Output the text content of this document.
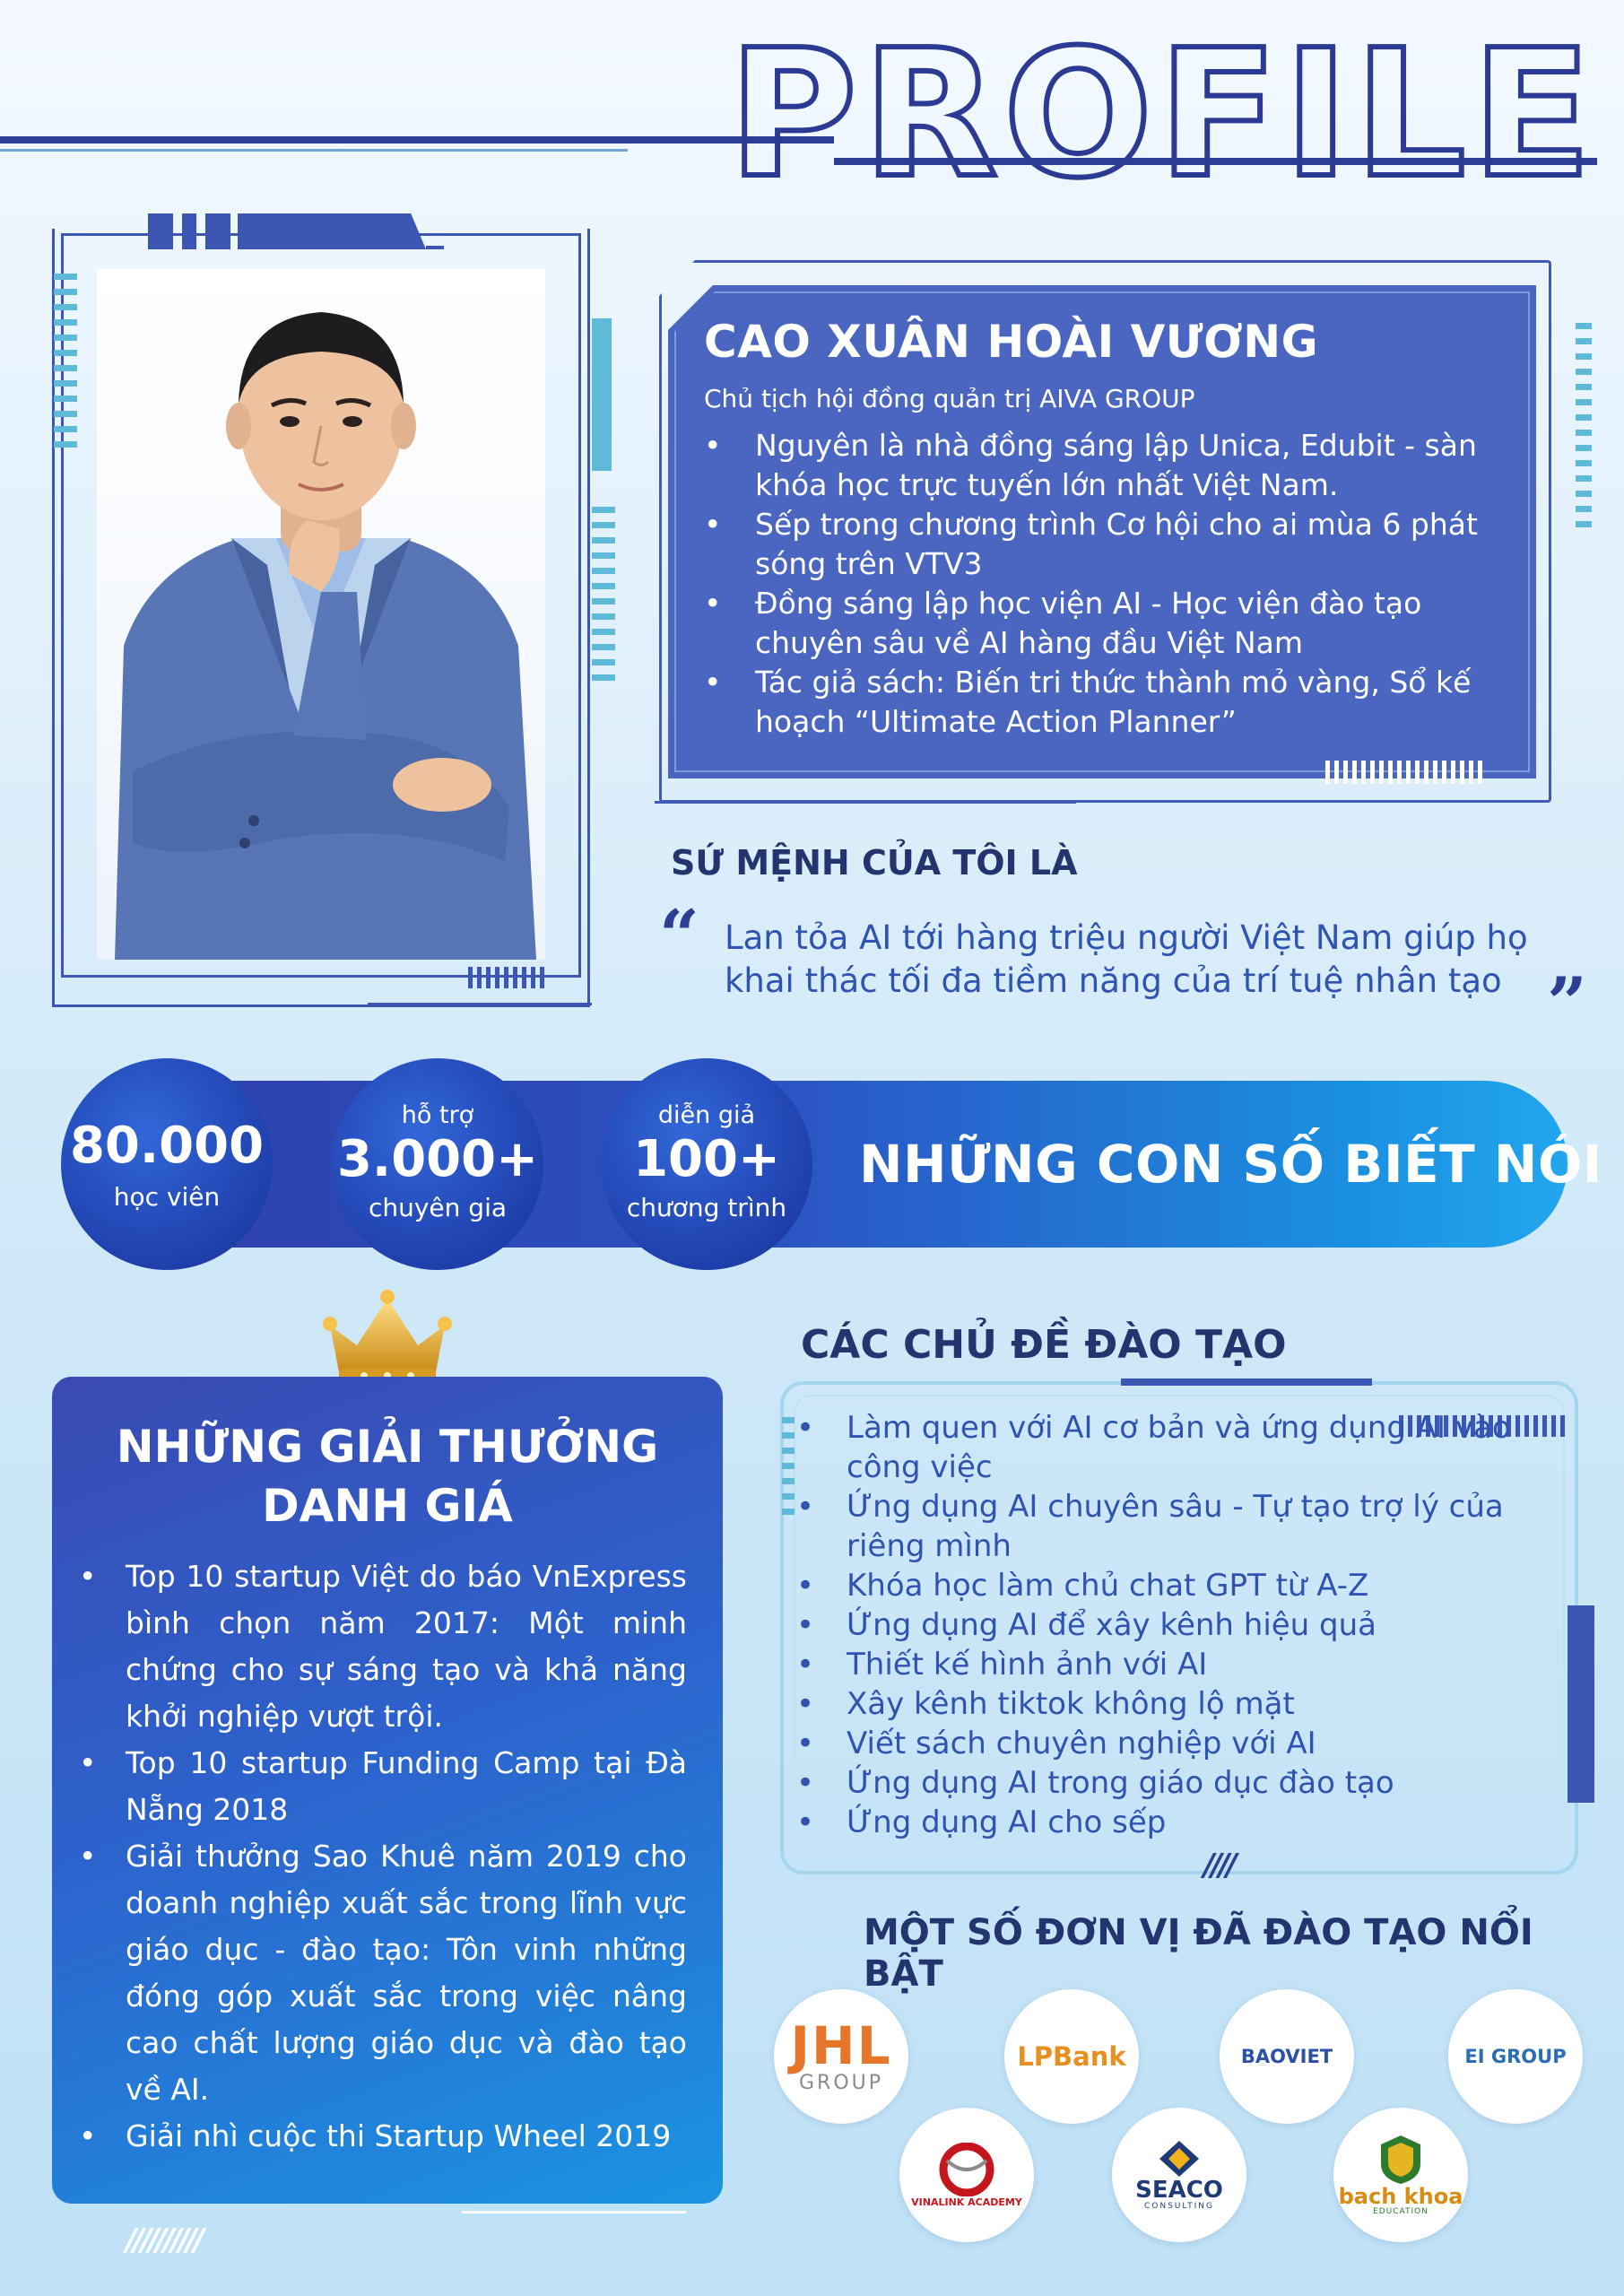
PROFILE
CAO XUÂN HOÀI VƯƠNG
Chủ tịch hội đồng quản trị AIVA GROUP
• Nguyên là nhà đồng sáng lập Unica, Edubit - sàn khóa học trực tuyến lớn nhất Việt Nam.
• Sếp trong chương trình Cơ hội cho ai mùa 6 phát sóng trên VTV3
• Đồng sáng lập học viện AI - Học viện đào tạo chuyên sâu về AI hàng đầu Việt Nam
• Tác giả sách: Biến tri thức thành mỏ vàng, Sổ kế hoạch “Ultimate Action Planner”
SỨ MỆNH CỦA TÔI LÀ
“ Lan tỏa AI tới hàng triệu người Việt Nam giúp họ khai thác tối đa tiềm năng của trí tuệ nhân tạo ”
80.000
học viên
hỗ trợ
3.000+
chuyên gia
diễn giả
100+
chương trình
NHỮNG CON SỐ BIẾT NÓI
NHỮNG GIẢI THƯỞNG
DANH GIÁ
• Top 10 startup Việt do báo VnExpress bình chọn năm 2017: Một minh chứng cho sự sáng tạo và khả năng khởi nghiệp vượt trội.
• Top 10 startup Funding Camp tại Đà Nẵng 2018
• Giải thưởng Sao Khuê năm 2019 cho doanh nghiệp xuất sắc trong lĩnh vực giáo dục - đào tạo: Tôn vinh những đóng góp xuất sắc trong việc nâng cao chất lượng giáo dục và đào tạo về AI.
• Giải nhì cuộc thi Startup Wheel 2019
//////////
CÁC CHỦ ĐỀ ĐÀO TẠO
• Làm quen với AI cơ bản và ứng dụng AI vào công việc
• Ứng dụng AI chuyên sâu - Tự tạo trợ lý của riêng mình
• Khóa học làm chủ chat GPT từ A-Z
• Ứng dụng AI để xây kênh hiệu quả
• Thiết kế hình ảnh với AI
• Xây kênh tiktok không lộ mặt
• Viết sách chuyên nghiệp với AI
• Ứng dụng AI trong giáo dục đào tạo
• Ứng dụng AI cho sếp
////
MỘT SỐ ĐƠN VỊ ĐÃ ĐÀO TẠO NỔI BẬT
JHL
GROUP
LPBank	BAOVIET	EI GROUP
VINALINK ACADEMY	SEACO
CONSULTING	bach khoa
EDUCATION
